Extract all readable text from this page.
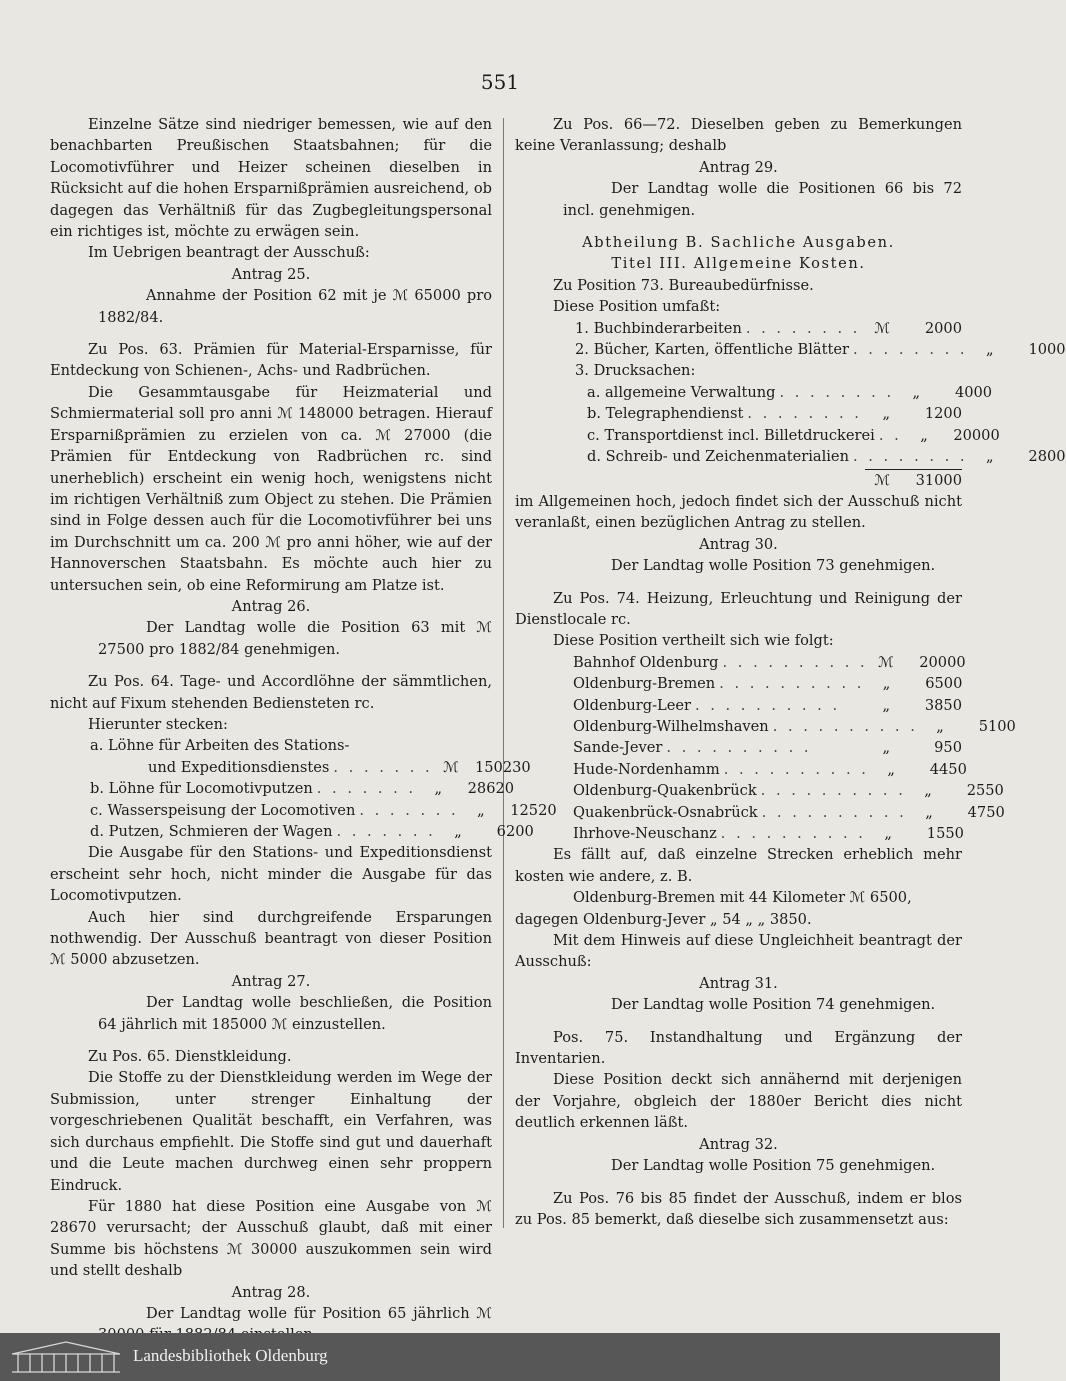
551

Einzelne Sätze sind niedriger bemessen, wie auf den benachbarten Preußischen Staatsbahnen; für die Locomotivführer und Heizer scheinen dieselben in Rücksicht auf die hohen Ersparnißprämien ausreichend, ob dagegen das Verhältniß für das Zugbegleitungspersonal ein richtiges ist, möchte zu erwägen sein.

Im Uebrigen beantragt der Ausschuß:

Antrag 25.

Annahme der Position 62 mit je ℳ 65000 pro 1882/84.

Zu Pos. 63. Prämien für Material-Ersparnisse, für Entdeckung von Schienen-, Achs- und Radbrüchen.

Die Gesammtausgabe für Heizmaterial und Schmiermaterial soll pro anni ℳ 148000 betragen. Hierauf Ersparnißprämien zu erzielen von ca. ℳ 27000 (die Prämien für Entdeckung von Radbrüchen rc. sind unerheblich) erscheint ein wenig hoch, wenigstens nicht im richtigen Verhältniß zum Object zu stehen. Die Prämien sind in Folge dessen auch für die Locomotivführer bei uns im Durchschnitt um ca. 200 ℳ pro anni höher, wie auf der Hannoverschen Staatsbahn. Es möchte auch hier zu untersuchen sein, ob eine Reformirung am Platze ist.

Antrag 26.

Der Landtag wolle die Position 63 mit ℳ 27500 pro 1882/84 genehmigen.

Zu Pos. 64. Tage- und Accordlöhne der sämmtlichen, nicht auf Fixum stehenden Bediensteten rc.

Hierunter stecken:

a. Löhne für Arbeiten des Stations-
und Expeditionsdienstes . . . . . . . ℳ	150230
b. Löhne für Locomotivputzen . . . . . . .	„	28620
c. Wasserspeisung der Locomotiven . . . . . . .	„	12520
d. Putzen, Schmieren der Wagen . . . . . . .	„	6200

Die Ausgabe für den Stations- und Expeditionsdienst erscheint sehr hoch, nicht minder die Ausgabe für das Locomotivputzen.

Auch hier sind durchgreifende Ersparungen nothwendig. Der Ausschuß beantragt von dieser Position ℳ 5000 abzusetzen.

Antrag 27.

Der Landtag wolle beschließen, die Position 64 jährlich mit 185000 ℳ einzustellen.

Zu Pos. 65. Dienstkleidung.

Die Stoffe zu der Dienstkleidung werden im Wege der Submission, unter strenger Einhaltung der vorgeschriebenen Qualität beschafft, ein Verfahren, was sich durchaus empfiehlt. Die Stoffe sind gut und dauerhaft und die Leute machen durchweg einen sehr proppern Eindruck.

Für 1880 hat diese Position eine Ausgabe von ℳ 28670 verursacht; der Ausschuß glaubt, daß mit einer Summe bis höchstens ℳ 30000 auszukommen sein wird und stellt deshalb

Antrag 28.

Der Landtag wolle für Position 65 jährlich ℳ

Zu Pos. 66—72. Dieselben geben zu Bemerkungen keine Veranlassung; deshalb

Antrag 29.

Der Landtag wolle die Positionen 66 bis 72 incl. genehmigen.

Abtheilung B. Sachliche Ausgaben.

Titel III. Allgemeine Kosten.

Zu Position 73. Bureaubedürfnisse.

Diese Position umfaßt:

1. Buchbinderarbeiten . . . . . . . . ℳ	2000
2. Bücher, Karten, öffentliche Blätter . . . . . . . .	„	1000
3. Drucksachen:
a. allgemeine Verwaltung . . . . . . . .	„	4000
b. Telegraphendienst . . . . . . . .	„	1200
c. Transportdienst incl. Billetdruckerei . .	„	20000
d. Schreib- und Zeichenmaterialien . . . . . . . .	„	2800
ℳ	31000

im Allgemeinen hoch, jedoch findet sich der Ausschuß nicht veranlaßt, einen bezüglichen Antrag zu stellen.

Antrag 30.

Der Landtag wolle Position 73 genehmigen.

Zu Pos. 74. Heizung, Erleuchtung und Reinigung der Dienstlocale rc.

Diese Position vertheilt sich wie folgt:

Bahnhof Oldenburg . . . . . . . . . . ℳ	20000
Oldenburg-Bremen . . . . . . . . . .	„	6500
Oldenburg-Leer . . . . . . . . . .	„	3850
Oldenburg-Wilhelmshaven . . . . . . . . . .	„	5100
Sande-Jever . . . . . . . . . .	„	950
Hude-Nordenhamm . . . . . . . . . .	„	4450
Oldenburg-Quakenbrück . . . . . . . . . .	„	2550
Quakenbrück-Osnabrück . . . . . . . . . .	„	4750
Ihrhove-Neuschanz . . . . . . . . . .	„	1550

Es fällt auf, daß einzelne Strecken erheblich mehr kosten wie andere, z. B.

Oldenburg-Bremen mit 44 Kilometer ℳ 6500,

dagegen Oldenburg-Jever „ 54 „ „ 3850.

Mit dem Hinweis auf diese Ungleichheit beantragt der Ausschuß:

Antrag 31.

Der Landtag wolle Position 74 genehmigen.

Pos. 75. Instandhaltung und Ergänzung der Inventarien.

Diese Position deckt sich annähernd mit derjenigen der Vorjahre, obgleich der 1880er Bericht dies nicht deutlich erkennen läßt.

Antrag 32.

Der Landtag wolle Position 75 genehmigen.

Zu Pos. 76 bis 85 findet der Ausschuß, indem er blos zu Pos. 85 bemerkt, daß dieselbe sich zusammensetzt aus:

Landesbibliothek Oldenburg
